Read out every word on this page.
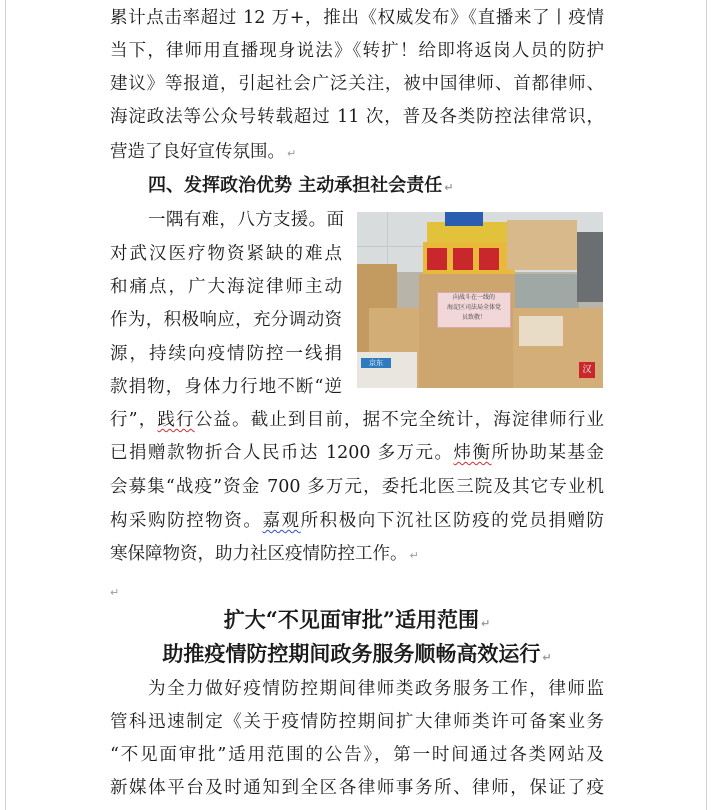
累计点击率超过 12 万+，推出《权威发布》《直播来了丨疫情
当下，律师用直播现身说法》《转扩！给即将返岗人员的防护
建议》等报道，引起社会广泛关注，被中国律师、首都律师、
海淀政法等公众号转载超过 11 次，普及各类防控法律常识，
营造了良好宣传氛围。 ↵
四、发挥政治优势 主动承担社会责任 ↵
一隅有难，八方支援。面
对武汉医疗物资紧缺的难点
和痛点，广大海淀律师主动
作为，积极响应，充分调动资
源，持续向疫情防控一线捐
款捐物，身体力行地不断“逆
行”，践行公益。截止到目前，据不完全统计，海淀律师行业
已捐赠款物折合人民币达 1200 多万元。炜衡所协助某基金
会募集“战疫”资金 700 多万元，委托北医三院及其它专业机
构采购防控物资。嘉观所积极向下沉社区防疫的党员捐赠防
寒保障物资，助力社区疫情防控工作。 ↵
↵
扩大“不见面审批”适用范围 ↵
助推疫情防控期间政务服务顺畅高效运行 ↵
为全力做好疫情防控期间律师类政务服务工作，律师监
管科迅速制定《关于疫情防控期间扩大律师类许可备案业务
“不见面审批”适用范围的公告》，第一时间通过各类网站及
新媒体平台及时通知到全区各律师事务所、律师，保证了疫
向战斗在一线的
海淀区司法局全体党
员致敬！
京东
汉
